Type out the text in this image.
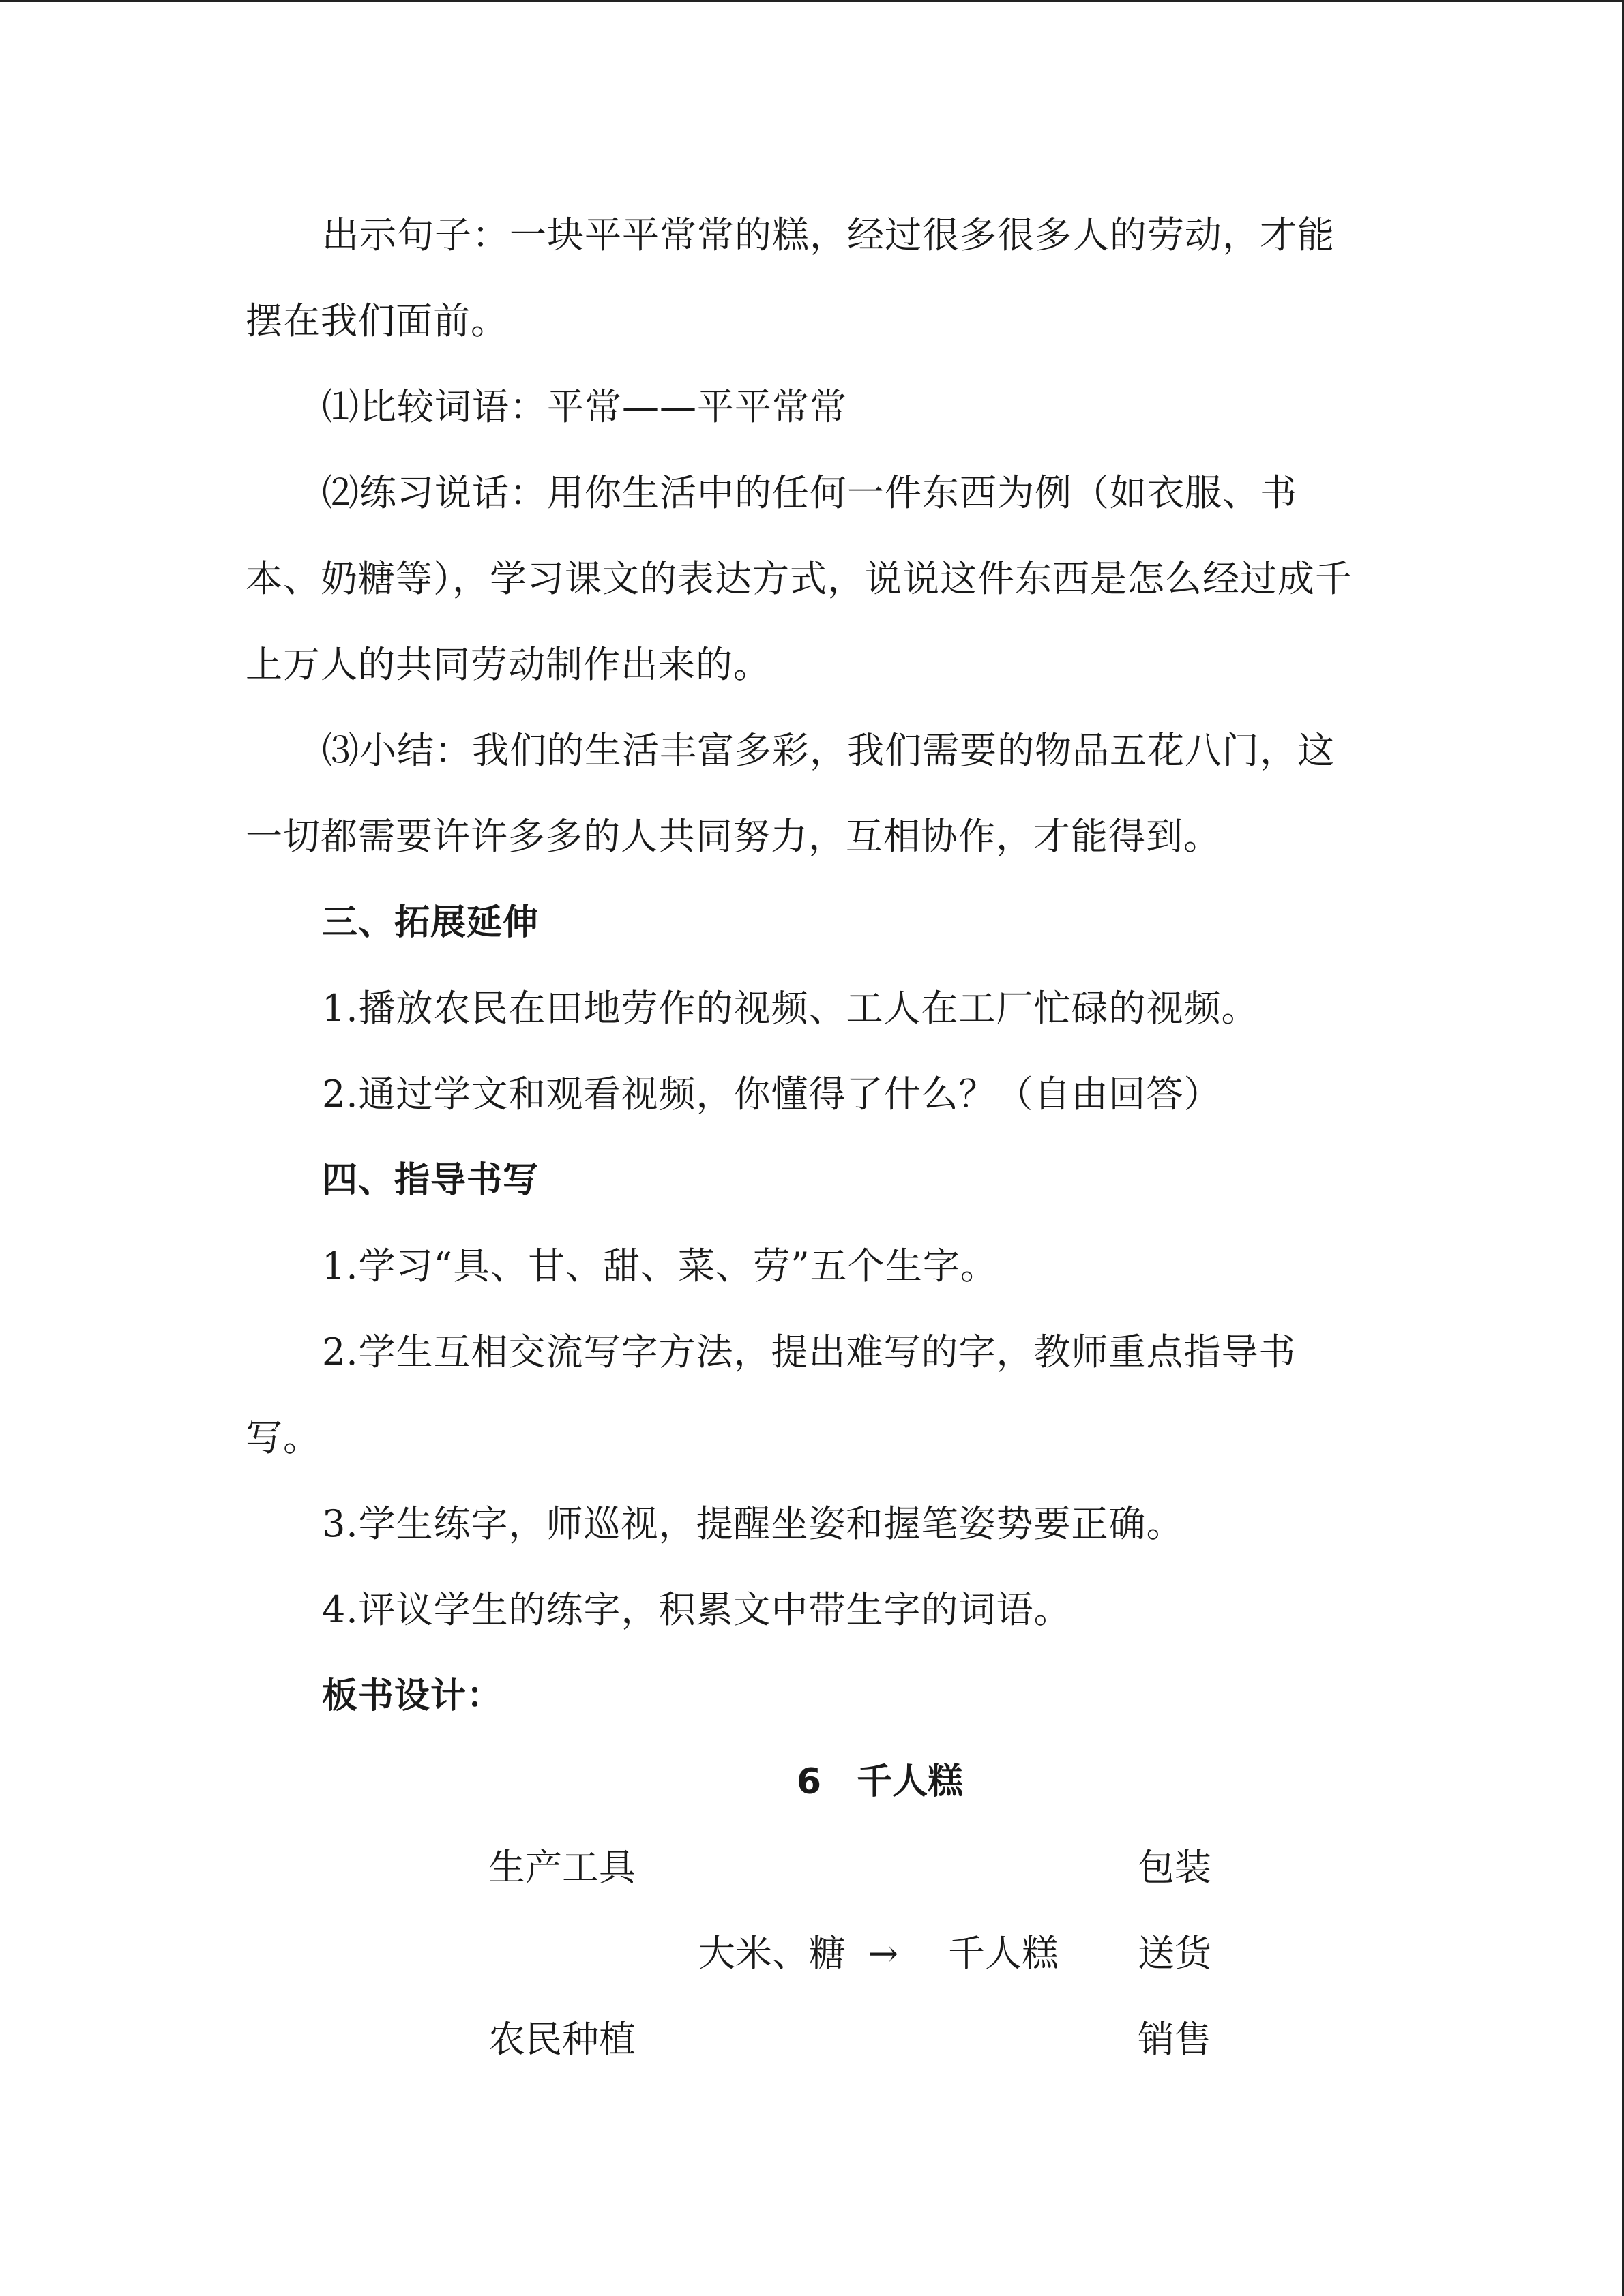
出示句子：一块平平常常的糕，经过很多很多人的劳动，才能
摆在我们面前。
⑴比较词语：平常——平平常常
⑵练习说话：用你生活中的任何一件东西为例（如衣服、书
本、奶糖等），学习课文的表达方式，说说这件东西是怎么经过成千
上万人的共同劳动制作出来的。
⑶小结：我们的生活丰富多彩，我们需要的物品五花八门，这
一切都需要许许多多的人共同努力，互相协作，才能得到。
三、拓展延伸
1.播放农民在田地劳作的视频、工人在工厂忙碌的视频。
2.通过学文和观看视频，你懂得了什么？（自由回答）
四、指导书写
1.学习“具、甘、甜、菜、劳”五个生字。
2.学生互相交流写字方法，提出难写的字，教师重点指导书
写。
3.学生练字，师巡视，提醒坐姿和握笔姿势要正确。
4.评议学生的练字，积累文中带生字的词语。
板书设计：
6　千人糕
生产工具	包装
大米、糖 → 千人糕 送货
农民种植	销售
